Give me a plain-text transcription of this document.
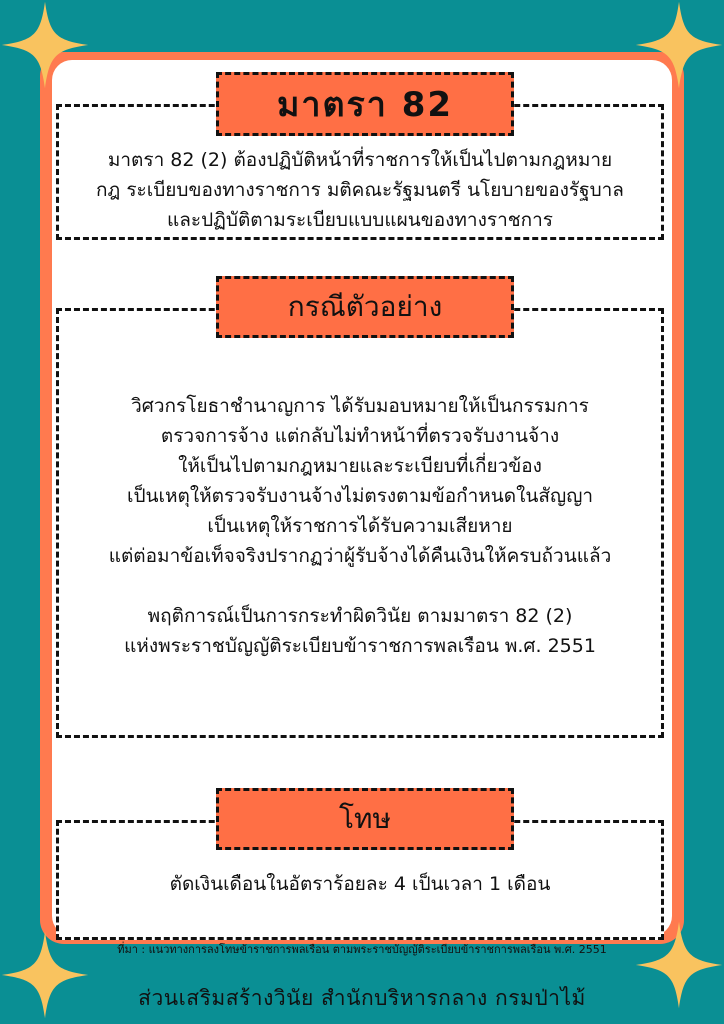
มาตรา 82 (2) ต้องปฏิบัติหน้าที่ราชการให้เป็นไปตามกฎหมาย
กฎ ระเบียบของทางราชการ มติคณะรัฐมนตรี นโยบายของรัฐบาล
และปฏิบัติตามระเบียบแบบแผนของทางราชการ
มาตรา 82
วิศวกรโยธาชำนาญการ ได้รับมอบหมายให้เป็นกรรมการ
ตรวจการจ้าง แต่กลับไม่ทำหน้าที่ตรวจรับงานจ้าง
ให้เป็นไปตามกฎหมายและระเบียบที่เกี่ยวข้อง
เป็นเหตุให้ตรวจรับงานจ้างไม่ตรงตามข้อกำหนดในสัญญา
เป็นเหตุให้ราชการได้รับความเสียหาย
แต่ต่อมาข้อเท็จจริงปรากฏว่าผู้รับจ้างได้คืนเงินให้ครบถ้วนแล้ว
พฤติการณ์เป็นการกระทำผิดวินัย ตามมาตรา 82 (2)
แห่งพระราชบัญญัติระเบียบข้าราชการพลเรือน พ.ศ. 2551
กรณีตัวอย่าง
ตัดเงินเดือนในอัตราร้อยละ 4 เป็นเวลา 1 เดือน
โทษ
ที่มา : แนวทางการลงโทษข้าราชการพลเรือน ตามพระราชบัญญัติระเบียบข้าราชการพลเรือน พ.ศ. 2551
ส่วนเสริมสร้างวินัย สำนักบริหารกลาง กรมป่าไม้
